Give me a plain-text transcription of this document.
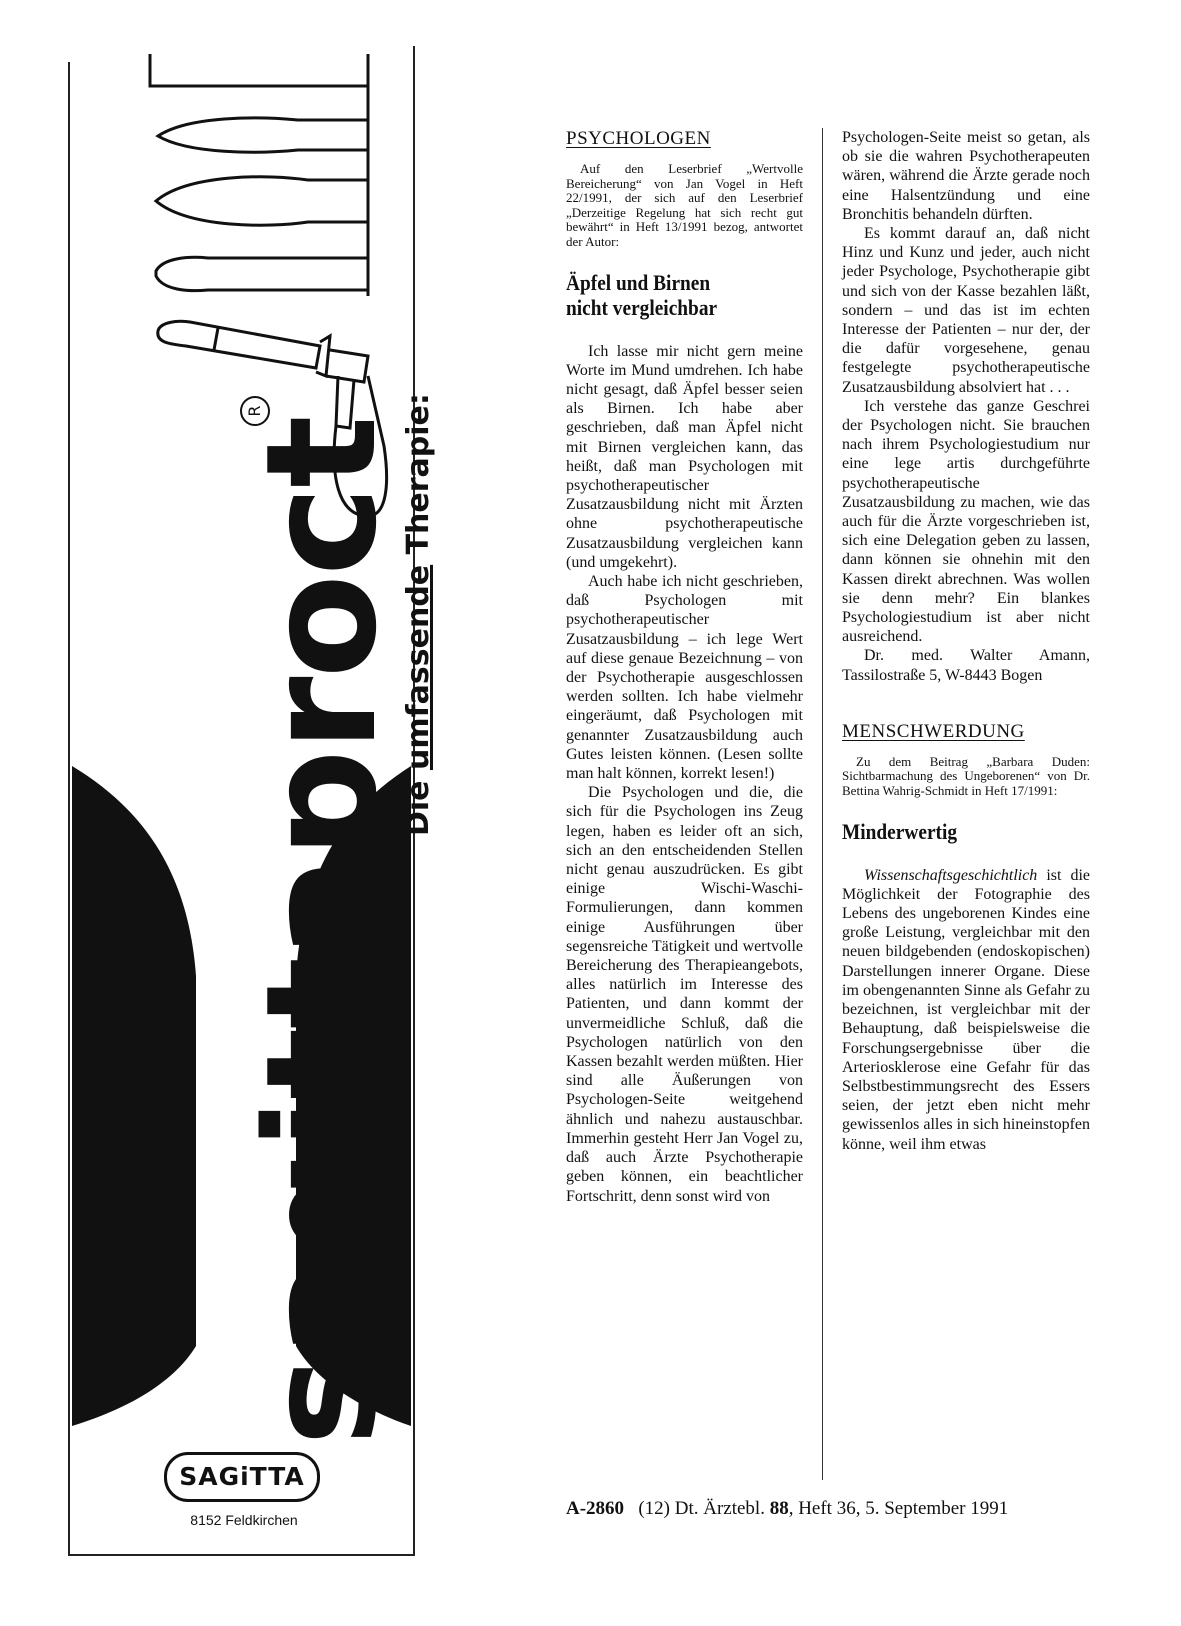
R
sagittaproct
Die umfassende Therapie:
SAGiTTA
8152 Feldkirchen
PSYCHOLOGEN

Auf den Leserbrief „Wertvolle Bereicherung“ von Jan Vogel in Heft 22/1991, der sich auf den Leserbrief „Derzeitige Regelung hat sich recht gut bewährt“ in Heft 13/1991 bezog, antwortet der Autor:

Äpfel und Birnen
nicht vergleichbar

Ich lasse mir nicht gern meine Worte im Mund umdrehen. Ich habe nicht gesagt, daß Äpfel besser seien als Birnen. Ich habe aber geschrieben, daß man Äpfel nicht mit Birnen vergleichen kann, das heißt, daß man Psychologen mit psychotherapeutischer Zusatzausbildung nicht mit Ärzten ohne psychotherapeutische Zusatzausbildung vergleichen kann (und umgekehrt).

Auch habe ich nicht geschrieben, daß Psychologen mit psychotherapeutischer Zusatzausbildung – ich lege Wert auf diese genaue Bezeichnung – von der Psychotherapie ausgeschlossen werden sollten. Ich habe vielmehr eingeräumt, daß Psychologen mit genannter Zusatzausbildung auch Gutes leisten können. (Lesen sollte man halt können, korrekt lesen!)

Die Psychologen und die, die sich für die Psychologen ins Zeug legen, haben es leider oft an sich, sich an den entscheidenden Stellen nicht genau auszudrücken. Es gibt einige Wischi-Waschi-Formulierungen, dann kommen einige Ausführungen über segensreiche Tätigkeit und wertvolle Bereicherung des Therapieangebots, alles natürlich im Interesse des Patienten, und dann kommt der unvermeidliche Schluß, daß die Psychologen natürlich von den Kassen bezahlt werden müßten. Hier sind alle Äußerungen von Psychologen-Seite weitgehend ähnlich und nahezu austauschbar. Immerhin gesteht Herr Jan Vogel zu, daß auch Ärzte Psychotherapie geben können, ein beachtlicher Fortschritt, denn sonst wird von

Psychologen-Seite meist so getan, als ob sie die wahren Psychotherapeuten wären, während die Ärzte gerade noch eine Halsentzündung und eine Bronchitis behandeln dürften.

Es kommt darauf an, daß nicht Hinz und Kunz und jeder, auch nicht jeder Psychologe, Psychotherapie gibt und sich von der Kasse bezahlen läßt, sondern – und das ist im echten Interesse der Patienten – nur der, der die dafür vorgesehene, genau festgelegte psychotherapeutische Zusatzausbildung absolviert hat . . .

Ich verstehe das ganze Geschrei der Psychologen nicht. Sie brauchen nach ihrem Psychologiestudium nur eine lege artis durchgeführte psychotherapeutische Zusatzausbildung zu machen, wie das auch für die Ärzte vorgeschrieben ist, sich eine Delegation geben zu lassen, dann können sie ohnehin mit den Kassen direkt abrechnen. Was wollen sie denn mehr? Ein blankes Psychologiestudium ist aber nicht ausreichend.

Dr. med. Walter Amann, Tassilostraße 5, W-8443 Bogen

MENSCHWERDUNG

Zu dem Beitrag „Barbara Duden: Sichtbarmachung des Ungeborenen“ von Dr. Bettina Wahrig-Schmidt in Heft 17/1991:

Minderwertig

Wissenschaftsgeschichtlich ist die Möglichkeit der Fotographie des Lebens des ungeborenen Kindes eine große Leistung, vergleichbar mit den neuen bildgebenden (endoskopischen) Darstellungen innerer Organe. Diese im obengenannten Sinne als Gefahr zu bezeichnen, ist vergleichbar mit der Behauptung, daß beispielsweise die Forschungsergebnisse über die Arteriosklerose eine Gefahr für das Selbstbestimmungsrecht des Essers seien, der jetzt eben nicht mehr gewissenlos alles in sich hineinstopfen könne, weil ihm etwas

A-2860 (12) Dt. Ärztebl. 88, Heft 36, 5. September 1991
